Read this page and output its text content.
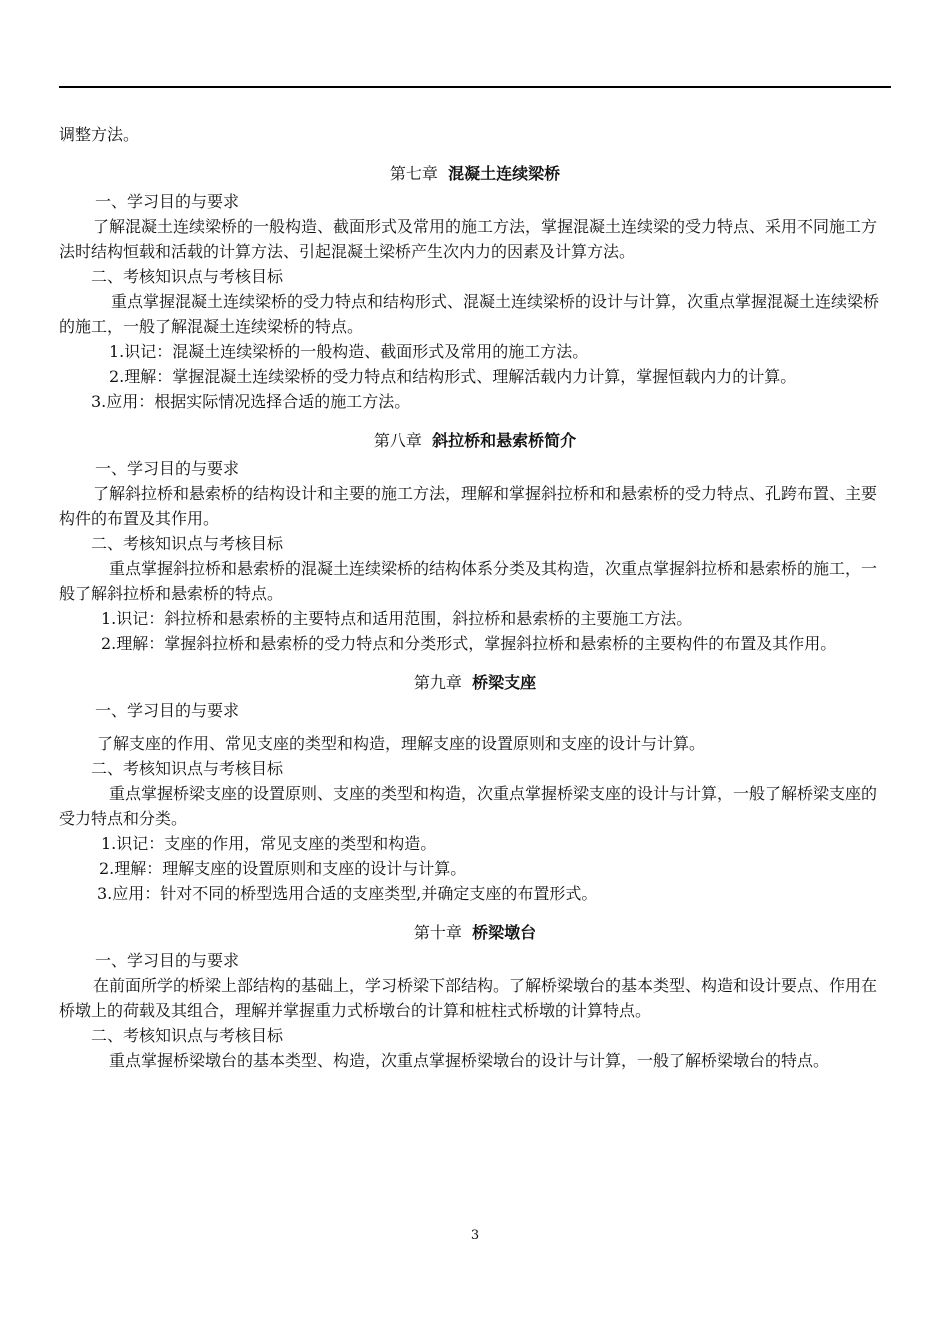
调整方法。

第七章 混凝土连续梁桥

一、学习目的与要求

了解混凝土连续梁桥的一般构造、截面形式及常用的施工方法，掌握混凝土连续梁的受力特点、采用不同施工方法时结构恒载和活载的计算方法、引起混凝土梁桥产生次内力的因素及计算方法。

二、考核知识点与考核目标

重点掌握混凝土连续梁桥的受力特点和结构形式、混凝土连续梁桥的设计与计算，次重点掌握混凝土连续梁桥的施工，一般了解混凝土连续梁桥的特点。

1.识记：混凝土连续梁桥的一般构造、截面形式及常用的施工方法。

2.理解：掌握混凝土连续梁桥的受力特点和结构形式、理解活载内力计算，掌握恒载内力的计算。

3.应用：根据实际情况选择合适的施工方法。

第八章 斜拉桥和悬索桥简介

一、学习目的与要求

了解斜拉桥和悬索桥的结构设计和主要的施工方法，理解和掌握斜拉桥和和悬索桥的受力特点、孔跨布置、主要构件的布置及其作用。

二、考核知识点与考核目标

重点掌握斜拉桥和悬索桥的混凝土连续梁桥的结构体系分类及其构造，次重点掌握斜拉桥和悬索桥的施工，一般了解斜拉桥和悬索桥的特点。

1.识记：斜拉桥和悬索桥的主要特点和适用范围，斜拉桥和悬索桥的主要施工方法。

2.理解：掌握斜拉桥和悬索桥的受力特点和分类形式，掌握斜拉桥和悬索桥的主要构件的布置及其作用。

第九章 桥梁支座

一、学习目的与要求

了解支座的作用、常见支座的类型和构造，理解支座的设置原则和支座的设计与计算。

二、考核知识点与考核目标

重点掌握桥梁支座的设置原则、支座的类型和构造，次重点掌握桥梁支座的设计与计算，一般了解桥梁支座的受力特点和分类。

1.识记：支座的作用，常见支座的类型和构造。

2.理解：理解支座的设置原则和支座的设计与计算。

3.应用：针对不同的桥型选用合适的支座类型,并确定支座的布置形式。

第十章 桥梁墩台

一、学习目的与要求

在前面所学的桥梁上部结构的基础上，学习桥梁下部结构。了解桥梁墩台的基本类型、构造和设计要点、作用在桥墩上的荷载及其组合，理解并掌握重力式桥墩台的计算和桩柱式桥墩的计算特点。

二、考核知识点与考核目标

重点掌握桥梁墩台的基本类型、构造，次重点掌握桥梁墩台的设计与计算，一般了解桥梁墩台的特点。

3
